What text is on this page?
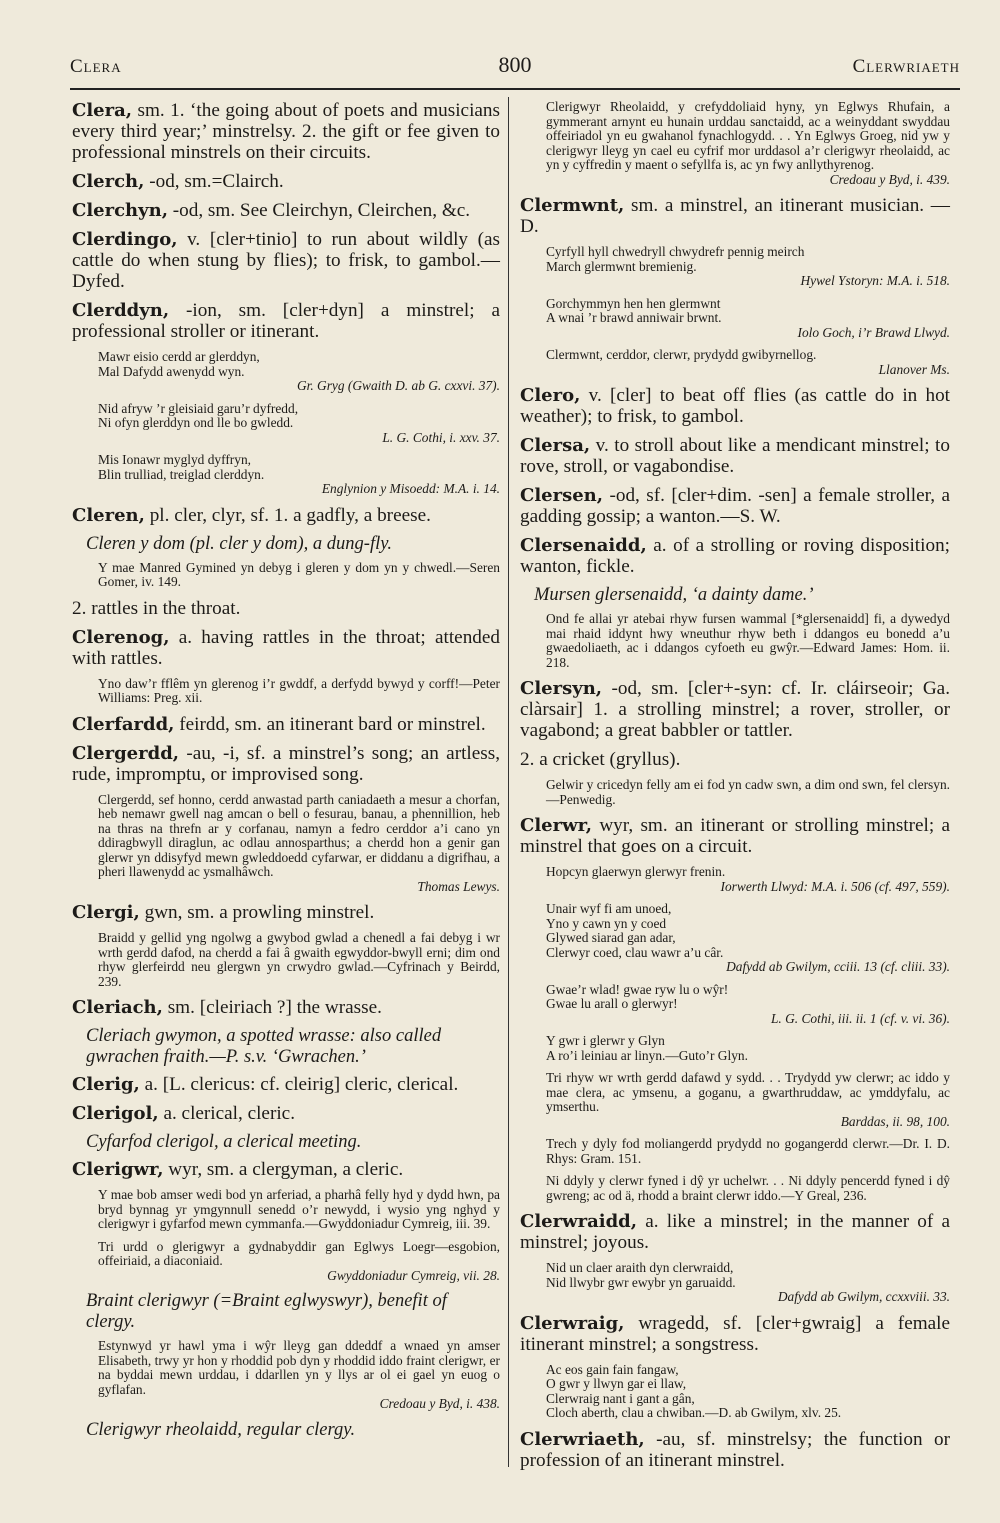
Clera	800	Clerwriaeth

Clera, sm. 1. ‘the going about of poets and musicians every third year;’ minstrelsy. 2. the gift or fee given to professional minstrels on their circuits.

Clerch, -od, sm.=Clairch.

Clerchyn, -od, sm. See Cleirchyn, Cleirchen, &c.

Clerdingo, v. [cler+tinio] to run about wildly (as cattle do when stung by flies); to frisk, to gambol.—Dyfed.

Clerddyn, -ion, sm. [cler+dyn] a minstrel; a professional stroller or itinerant.

Mawr eisio cerdd ar glerddyn,
Mal Dafydd awenydd wyn.
Gr. Gryg (Gwaith D. ab G. cxxvi. 37).
Nid afryw ’r gleisiaid garu’r dyfredd,
Ni ofyn glerddyn ond lle bo gwledd.
L. G. Cothi, i. xxv. 37.
Mis Ionawr myglyd dyffryn,
Blin trulliad, treiglad clerddyn.
Englynion y Misoedd: M.A. i. 14.

Cleren, pl. cler, clyr, sf. 1. a gadfly, a breese.

Cleren y dom (pl. cler y dom), a dung-fly.

Y mae Manred Gymined yn debyg i gleren y dom yn y chwedl.—Seren Gomer, iv. 149.

2. rattles in the throat.

Clerenog, a. having rattles in the throat; attended with rattles.

Yno daw’r fflêm yn glerenog i’r gwddf, a derfydd bywyd y corff!—Peter Williams: Preg. xii.

Clerfardd, feirdd, sm. an itinerant bard or minstrel.

Clergerdd, -au, -i, sf. a minstrel’s song; an artless, rude, impromptu, or improvised song.

Clergerdd, sef honno, cerdd anwastad parth caniadaeth a mesur a chorfan, heb nemawr gwell nag amcan o bell o fesurau, banau, a phennillion, heb na thras na threfn ar y corfanau, namyn a fedro cerddor a’i cano yn ddiragbwyll diraglun, ac odlau annosparthus; a cherdd hon a genir gan glerwr yn ddisyfyd mewn gwleddoedd cyfarwar, er diddanu a digrifhau, a pheri llawenydd ac ysmalhâwch.
Thomas Lewys.

Clergi, gwn, sm. a prowling minstrel.

Braidd y gellid yng ngolwg a gwybod gwlad a chenedl a fai debyg i wr wrth gerdd dafod, na cherdd a fai â gwaith egwyddor-bwyll erni; dim ond rhyw glerfeirdd neu glergwn yn crwydro gwlad.—Cyfrinach y Beirdd, 239.

Cleriach, sm. [cleiriach ?] the wrasse.

Cleriach gwymon, a spotted wrasse: also called gwrachen fraith.—P. s.v. ‘Gwrachen.’

Clerig, a. [L. clericus: cf. cleirig] cleric, clerical.

Clerigol, a. clerical, cleric.

Cyfarfod clerigol, a clerical meeting.

Clerigwr, wyr, sm. a clergyman, a cleric.

Y mae bob amser wedi bod yn arferiad, a pharhâ felly hyd y dydd hwn, pa bryd bynnag yr ymgynnull senedd o’r newydd, i wysio yng nghyd y clerigwyr i gyfarfod mewn cymmanfa.—Gwyddoniadur Cymreig, iii. 39.
Tri urdd o glerigwyr a gydnabyddir gan Eglwys Loegr—esgobion, offeiriaid, a diaconiaid.
Gwyddoniadur Cymreig, vii. 28.

Braint clerigwyr (=Braint eglwyswyr), benefit of clergy.

Estynwyd yr hawl yma i wŷr lleyg gan ddeddf a wnaed yn amser Elisabeth, trwy yr hon y rhoddid pob dyn y rhoddid iddo fraint clerigwr, er na byddai mewn urddau, i ddarllen yn y llys ar ol ei gael yn euog o gyflafan.
Credoau y Byd, i. 438.

Clerigwyr rheolaidd, regular clergy.

Clerigwyr Rheolaidd, y crefyddoliaid hyny, yn Eglwys Rhufain, a gymmerant arnynt eu hunain urddau sanctaidd, ac a weinyddant swyddau offeiriadol yn eu gwahanol fynachlogydd. . . Yn Eglwys Groeg, nid yw y clerigwyr lleyg yn cael eu cyfrif mor urddasol a’r clerigwyr rheolaidd, ac yn y cyffredin y maent o sefyllfa is, ac yn fwy anllythyrenog.
Credoau y Byd, i. 439.

Clermwnt, sm. a minstrel, an itinerant musician. —D.

Cyrfyll hyll chwedryll chwydrefr pennig meirch
March glermwnt bremienig.
Hywel Ystoryn: M.A. i. 518.
Gorchymmyn hen hen glermwnt
A wnai ’r brawd anniwair brwnt.
Iolo Goch, i’r Brawd Llwyd.
Clermwnt, cerddor, clerwr, prydydd gwibyrnellog.
Llanover Ms.

Clero, v. [cler] to beat off flies (as cattle do in hot weather); to frisk, to gambol.

Clersa, v. to stroll about like a mendicant minstrel; to rove, stroll, or vagabondise.

Clersen, -od, sf. [cler+dim. -sen] a female stroller, a gadding gossip; a wanton.—S. W.

Clersenaidd, a. of a strolling or roving disposition; wanton, fickle.

Mursen glersenaidd, ‘a dainty dame.’

Ond fe allai yr atebai rhyw fursen wammal [*glersenaidd] fi, a dywedyd mai rhaid iddynt hwy wneuthur rhyw beth i ddangos eu bonedd a’u gwaedoliaeth, ac i ddangos cyfoeth eu gwŷr.—Edward James: Hom. ii. 218.

Clersyn, -od, sm. [cler+-syn: cf. Ir. cláirseoir; Ga. clàrsair] 1. a strolling minstrel; a rover, stroller, or vagabond; a great babbler or tattler.

2. a cricket (gryllus).

Gelwir y cricedyn felly am ei fod yn cadw swn, a dim ond swn, fel clersyn.—Penwedig.

Clerwr, wyr, sm. an itinerant or strolling minstrel; a minstrel that goes on a circuit.

Hopcyn glaerwyn glerwyr frenin.
Iorwerth Llwyd: M.A. i. 506 (cf. 497, 559).
Unair wyf fi am unoed,
Yno y cawn yn y coed
Glywed siarad gan adar,
Clerwyr coed, clau wawr a’u câr.
Dafydd ab Gwilym, cciii. 13 (cf. cliii. 33).
Gwae’r wlad! gwae ryw lu o wŷr!
Gwae lu arall o glerwyr!
L. G. Cothi, iii. ii. 1 (cf. v. vi. 36).
Y gwr i glerwr y Glyn
A ro’i leiniau ar linyn.—Guto’r Glyn.
Tri rhyw wr wrth gerdd dafawd y sydd. . . Trydydd yw clerwr; ac iddo y mae clera, ac ymsenu, a goganu, a gwarthruddaw, ac ymddyfalu, ac ymserthu.
Barddas, ii. 98, 100.
Trech y dyly fod moliangerdd prydydd no gogangerdd clerwr.—Dr. I. D. Rhys: Gram. 151.
Ni ddyly y clerwr fyned i dŷ yr uchelwr. . . Ni ddyly pencerdd fyned i dŷ gwreng; ac od ä, rhodd a braint clerwr iddo.—Y Greal, 236.

Clerwraidd, a. like a minstrel; in the manner of a minstrel; joyous.

Nid un claer araith dyn clerwraidd,
Nid llwybr gwr ewybr yn garuaidd.
Dafydd ab Gwilym, ccxxviii. 33.

Clerwraig, wragedd, sf. [cler+gwraig] a female itinerant minstrel; a songstress.

Ac eos gain fain fangaw,
O gwr y llwyn gar ei llaw,
Clerwraig nant i gant a gân,
Cloch aberth, clau a chwiban.—D. ab Gwilym, xlv. 25.

Clerwriaeth, -au, sf. minstrelsy; the function or profession of an itinerant minstrel.
